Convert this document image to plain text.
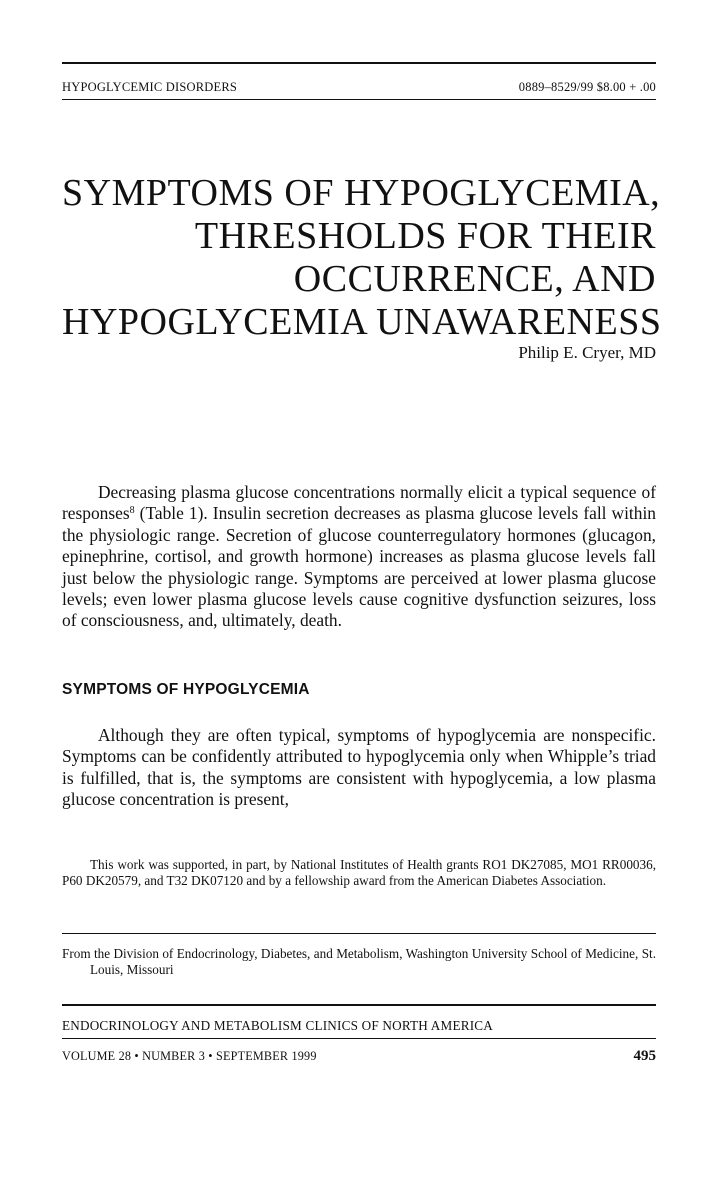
HYPOGLYCEMIC DISORDERS	0889–8529/99 $8.00 + .00
SYMPTOMS OF HYPOGLYCEMIA,
THRESHOLDS FOR THEIR
OCCURRENCE, AND
HYPOGLYCEMIA UNAWARENESS
Philip E. Cryer, MD

Decreasing plasma glucose concentrations normally elicit a typical sequence of responses$^8$ (Table 1). Insulin secretion decreases as plasma glucose levels fall within the physiologic range. Secretion of glucose counterregulatory hormones (glucagon, epinephrine, cortisol, and growth hormone) increases as plasma glucose levels fall just below the physiologic range. Symptoms are perceived at lower plasma glucose levels; even lower plasma glucose levels cause cognitive dysfunction seizures, loss of consciousness, and, ultimately, death.

SYMPTOMS OF HYPOGLYCEMIA

Although they are often typical, symptoms of hypoglycemia are nonspecific. Symptoms can be confidently attributed to hypoglycemia only when Whipple’s triad is fulfilled, that is, the symptoms are consistent with hypoglycemia, a low plasma glucose concentration is present,

This work was supported, in part, by National Institutes of Health grants RO1 DK27085, MO1 RR00036, P60 DK20579, and T32 DK07120 and by a fellowship award from the American Diabetes Association.

From the Division of Endocrinology, Diabetes, and Metabolism, Washington University School of Medicine, St. Louis, Missouri

ENDOCRINOLOGY AND METABOLISM CLINICS OF NORTH AMERICA
VOLUME 28 • NUMBER 3 • SEPTEMBER 1999	495
